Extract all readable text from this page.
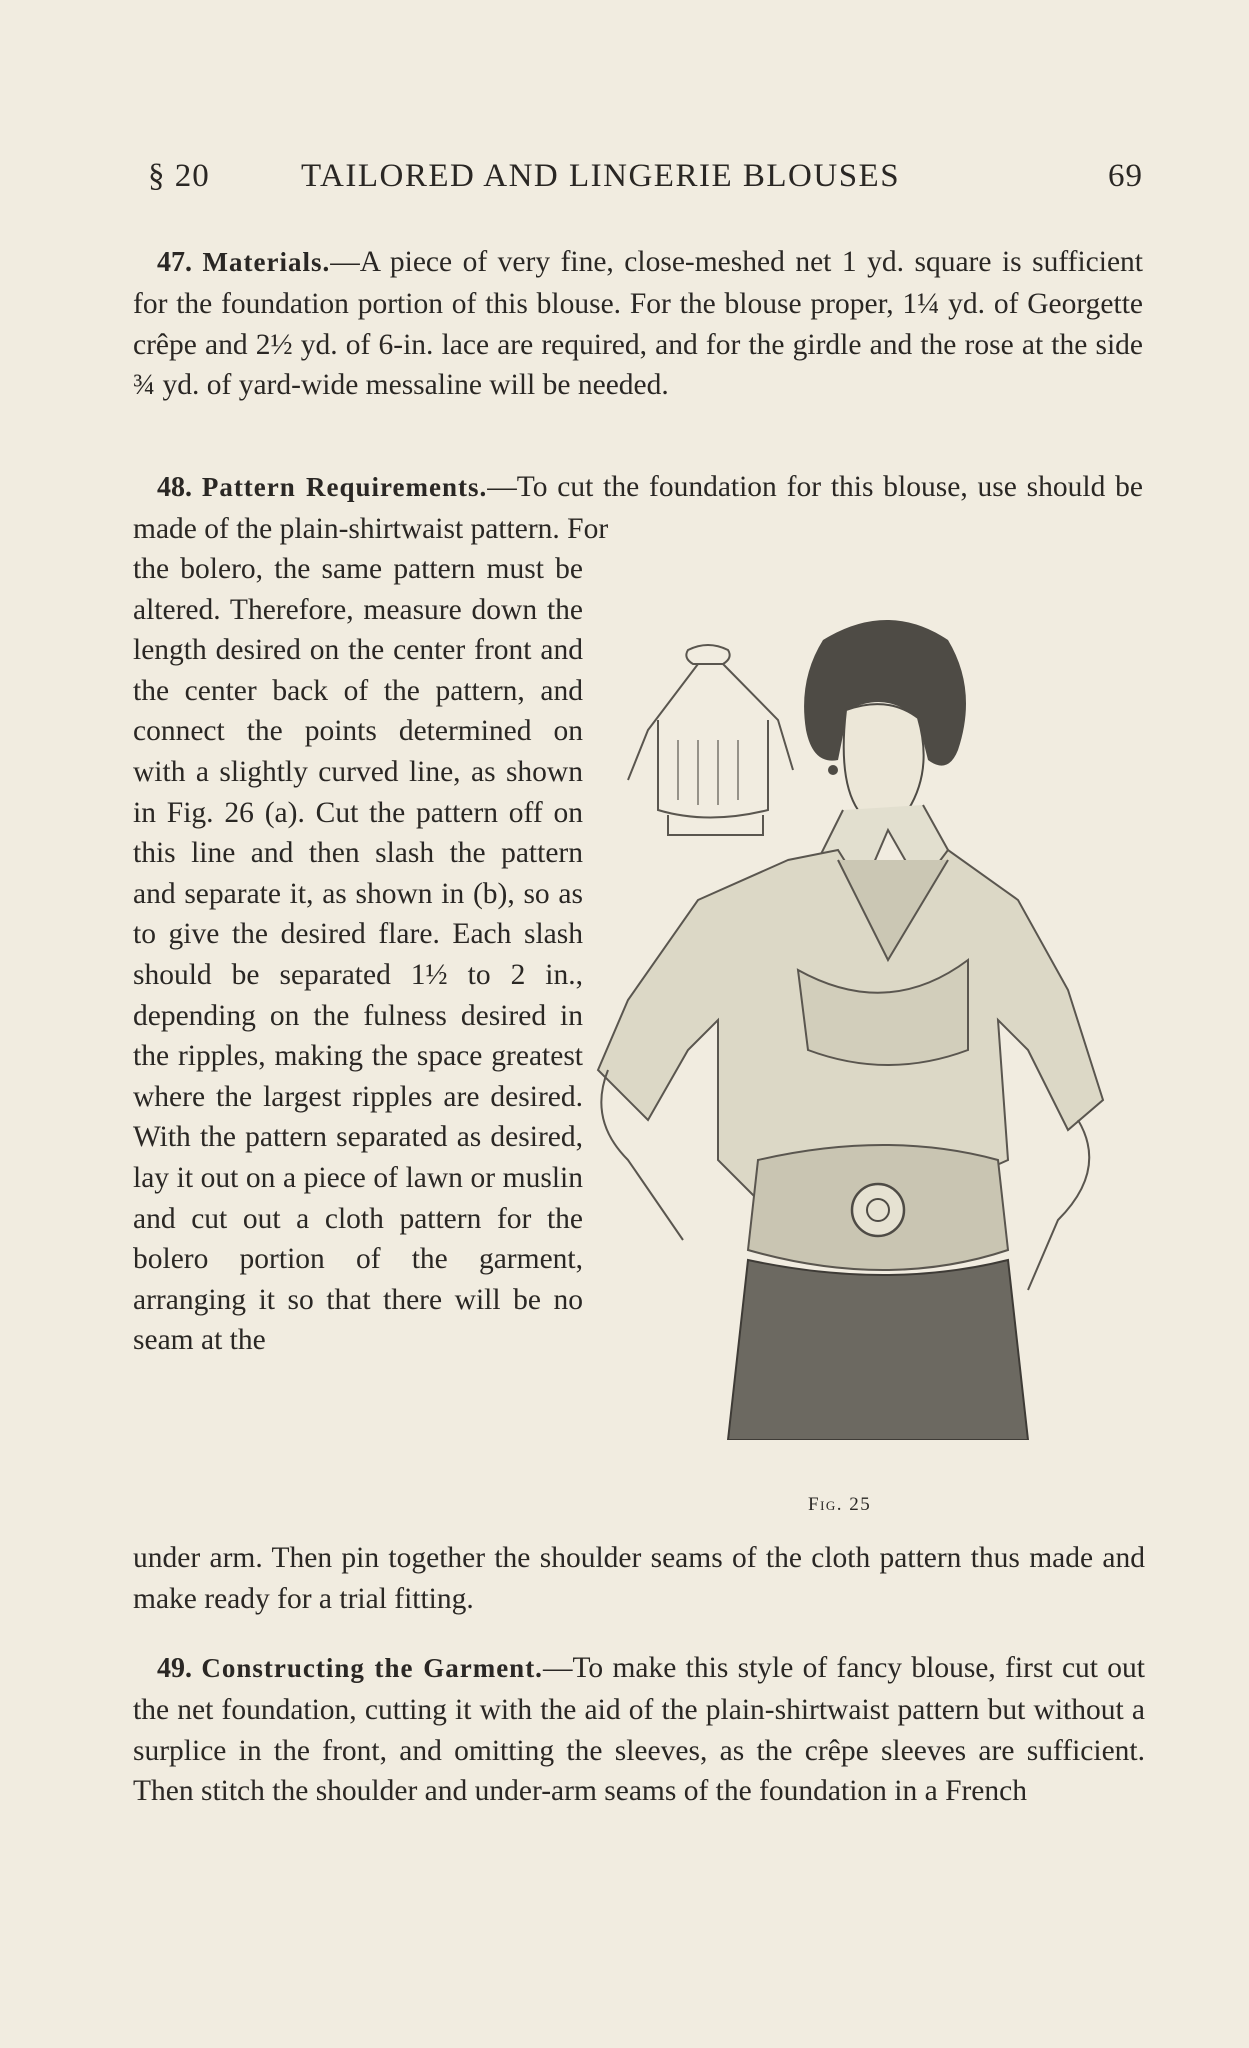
§ 20	TAILORED AND LINGERIE BLOUSES	69
47. Materials.—A piece of very fine, close-meshed net 1 yd. square is sufficient for the foundation portion of this blouse. For the blouse proper, 1¼ yd. of Georgette crêpe and 2½ yd. of 6-in. lace are required, and for the girdle and the rose at the side ¾ yd. of yard-wide messaline will be needed.
48. Pattern Requirements.—To cut the foundation for this blouse, use should be made of the plain-shirtwaist pattern. For
the bolero, the same pattern must be altered. Therefore, measure down the length desired on the center front and the center back of the pattern, and connect the points determined on with a slightly curved line, as shown in Fig. 26 (a). Cut the pattern off on this line and then slash the pattern and separate it, as shown in (b), so as to give the desired flare. Each slash should be separated 1½ to 2 in., depending on the fulness desired in the ripples, making the space greatest where the largest ripples are desired. With the pattern separated as desired, lay it out on a piece of lawn or muslin and cut out a cloth pattern for the bolero portion of the garment, arranging it so that there will be no seam at the
under arm. Then pin together the shoulder seams of the cloth pattern thus made and make ready for a trial fitting.
49. Constructing the Garment.—To make this style of fancy blouse, first cut out the net foundation, cutting it with the aid of the plain-shirtwaist pattern but without a surplice in the front, and omitting the sleeves, as the crêpe sleeves are sufficient. Then stitch the shoulder and under-arm seams of the foundation in a French
Fig. 25
